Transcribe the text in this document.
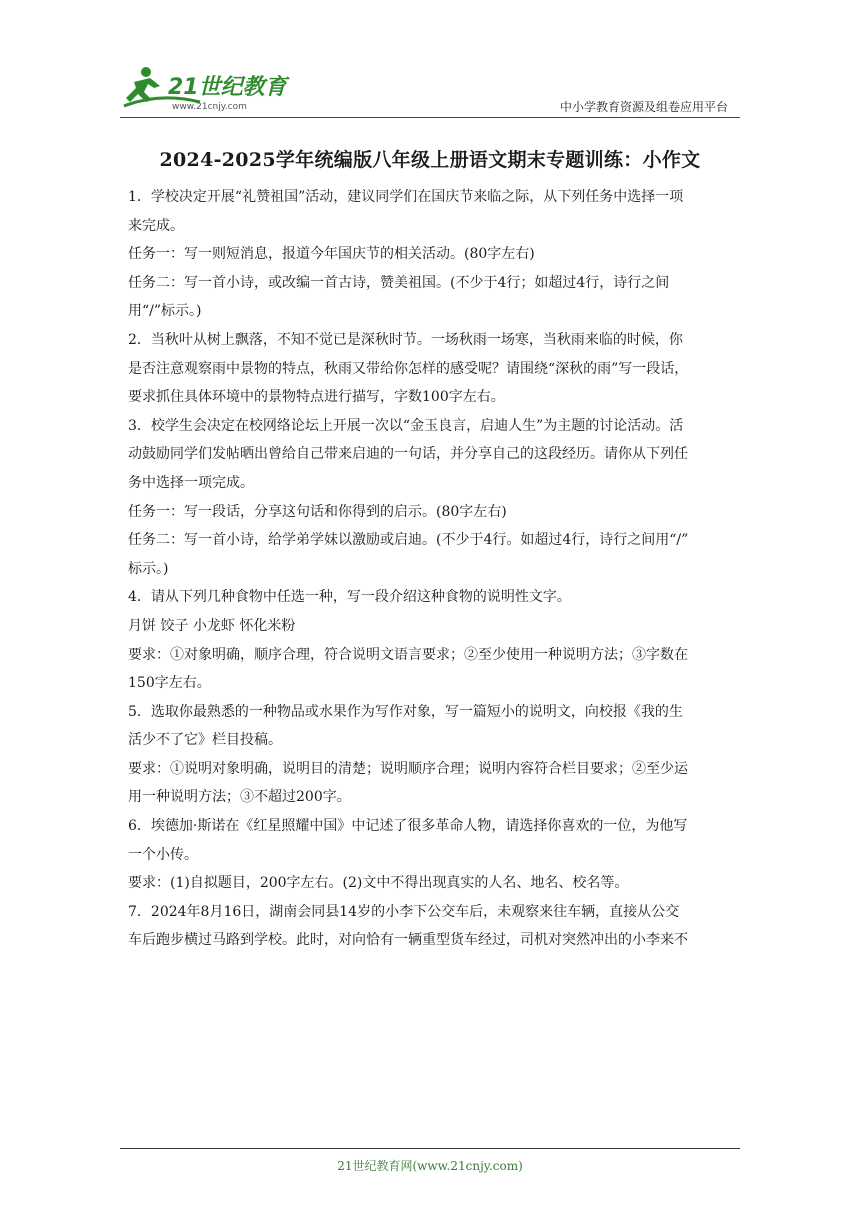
21世纪教育
www.21cnjy.com	中小学教育资源及组卷应用平台
2024-2025学年统编版八年级上册语文期末专题训练：小作文

1．学校决定开展“礼赞祖国”活动，建议同学们在国庆节来临之际，从下列任务中选择一项

来完成。

任务一：写一则短消息，报道今年国庆节的相关活动。(80字左右)

任务二：写一首小诗，或改编一首古诗，赞美祖国。(不少于4行；如超过4行，诗行之间

用“/”标示。)

2．当秋叶从树上飘落，不知不觉已是深秋时节。一场秋雨一场寒，当秋雨来临的时候，你

是否注意观察雨中景物的特点，秋雨又带给你怎样的感受呢？请围绕“深秋的雨”写一段话，

要求抓住具体环境中的景物特点进行描写，字数100字左右。

3．校学生会决定在校网络论坛上开展一次以“金玉良言，启迪人生”为主题的讨论活动。活

动鼓励同学们发帖晒出曾给自己带来启迪的一句话，并分享自己的这段经历。请你从下列任

务中选择一项完成。

任务一：写一段话，分享这句话和你得到的启示。(80字左右)

任务二：写一首小诗，给学弟学妹以激励或启迪。(不少于4行。如超过4行，诗行之间用“/”

标示。)

4．请从下列几种食物中任选一种，写一段介绍这种食物的说明性文字。

月饼 饺子 小龙虾 怀化米粉

要求：①对象明确，顺序合理，符合说明文语言要求；②至少使用一种说明方法；③字数在

150字左右。

5．选取你最熟悉的一种物品或水果作为写作对象，写一篇短小的说明文，向校报《我的生

活少不了它》栏目投稿。

要求：①说明对象明确，说明目的清楚；说明顺序合理；说明内容符合栏目要求；②至少运

用一种说明方法；③不超过200字。

6．埃德加·斯诺在《红星照耀中国》中记述了很多革命人物，请选择你喜欢的一位，为他写

一个小传。

要求：(1)自拟题目，200字左右。(2)文中不得出现真实的人名、地名、校名等。

7．2024年8月16日，湖南会同县14岁的小李下公交车后，未观察来往车辆，直接从公交

车后跑步横过马路到学校。此时，对向恰有一辆重型货车经过，司机对突然冲出的小李来不

21世纪教育网(www.21cnjy.com)
